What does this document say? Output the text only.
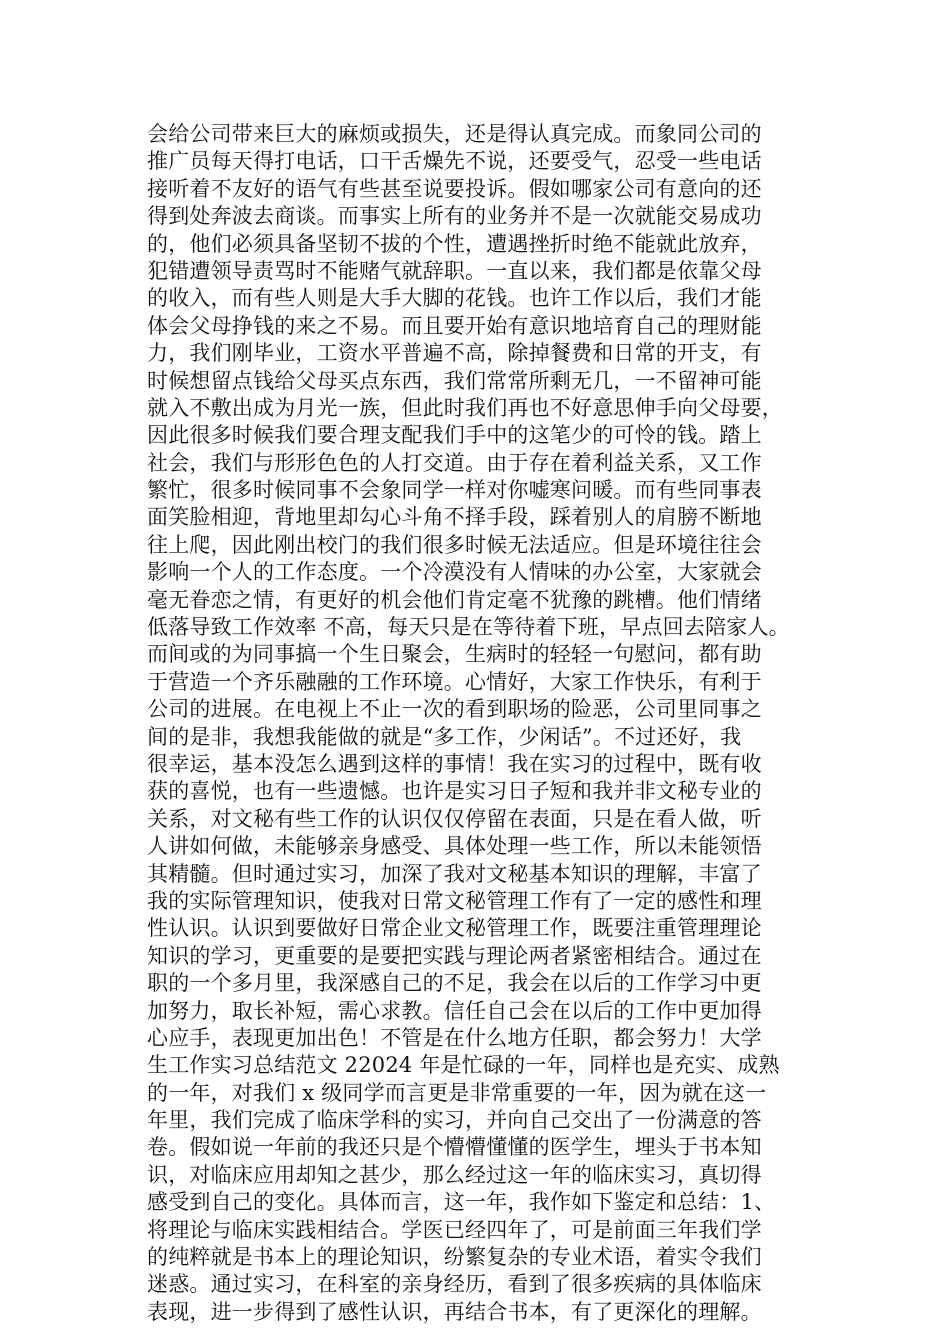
会给公司带来巨大的麻烦或损失，还是得认真完成。而象同公司的
推广员每天得打电话，口干舌燥先不说，还要受气，忍受一些电话
接听着不友好的语气有些甚至说要投诉。假如哪家公司有意向的还
得到处奔波去商谈。而事实上所有的业务并不是一次就能交易成功
的，他们必须具备坚韧不拔的个性，遭遇挫折时绝不能就此放弃，
犯错遭领导责骂时不能赌气就辞职。一直以来，我们都是依靠父母
的收入，而有些人则是大手大脚的花钱。也许工作以后，我们才能
体会父母挣钱的来之不易。而且要开始有意识地培育自己的理财能
力，我们刚毕业，工资水平普遍不高，除掉餐费和日常的开支，有
时候想留点钱给父母买点东西，我们常常所剩无几，一不留神可能
就入不敷出成为月光一族，但此时我们再也不好意思伸手向父母要，
因此很多时候我们要合理支配我们手中的这笔少的可怜的钱。踏上
社会，我们与形形色色的人打交道。由于存在着利益关系，又工作
繁忙，很多时候同事不会象同学一样对你嘘寒问暖。而有些同事表
面笑脸相迎，背地里却勾心斗角不择手段，踩着别人的肩膀不断地
往上爬，因此刚出校门的我们很多时候无法适应。但是环境往往会
影响一个人的工作态度。一个冷漠没有人情味的办公室，大家就会
毫无眷恋之情，有更好的机会他们肯定毫不犹豫的跳槽。他们情绪
低落导致工作效率 不高，每天只是在等待着下班，早点回去陪家人。
而间或的为同事搞一个生日聚会，生病时的轻轻一句慰问，都有助
于营造一个齐乐融融的工作环境。心情好，大家工作快乐，有利于
公司的进展。在电视上不止一次的看到职场的险恶，公司里同事之
间的是非，我想我能做的就是“多工作，少闲话”。不过还好，我
很幸运，基本没怎么遇到这样的事情！我在实习的过程中，既有收
获的喜悦，也有一些遗憾。也许是实习日子短和我并非文秘专业的
关系，对文秘有些工作的认识仅仅停留在表面，只是在看人做，听
人讲如何做，未能够亲身感受、具体处理一些工作，所以未能领悟
其精髓。但时通过实习，加深了我对文秘基本知识的理解，丰富了
我的实际管理知识，使我对日常文秘管理工作有了一定的感性和理
性认识。认识到要做好日常企业文秘管理工作，既要注重管理理论
知识的学习，更重要的是要把实践与理论两者紧密相结合。通过在
职的一个多月里，我深感自己的不足，我会在以后的工作学习中更
加努力，取长补短，需心求教。信任自己会在以后的工作中更加得
心应手，表现更加出色！不管是在什么地方任职，都会努力！大学
生工作实习总结范文 22024 年是忙碌的一年，同样也是充实、成熟
的一年，对我们 x 级同学而言更是非常重要的一年，因为就在这一
年里，我们完成了临床学科的实习，并向自己交出了一份满意的答
卷。假如说一年前的我还只是个懵懵懂懂的医学生，埋头于书本知
识，对临床应用却知之甚少，那么经过这一年的临床实习，真切得
感受到自己的变化。具体而言，这一年，我作如下鉴定和总结：1、
将理论与临床实践相结合。学医已经四年了，可是前面三年我们学
的纯粹就是书本上的理论知识，纷繁复杂的专业术语，着实令我们
迷惑。通过实习，在科室的亲身经历，看到了很多疾病的具体临床
表现，进一步得到了感性认识，再结合书本，有了更深化的理解。
